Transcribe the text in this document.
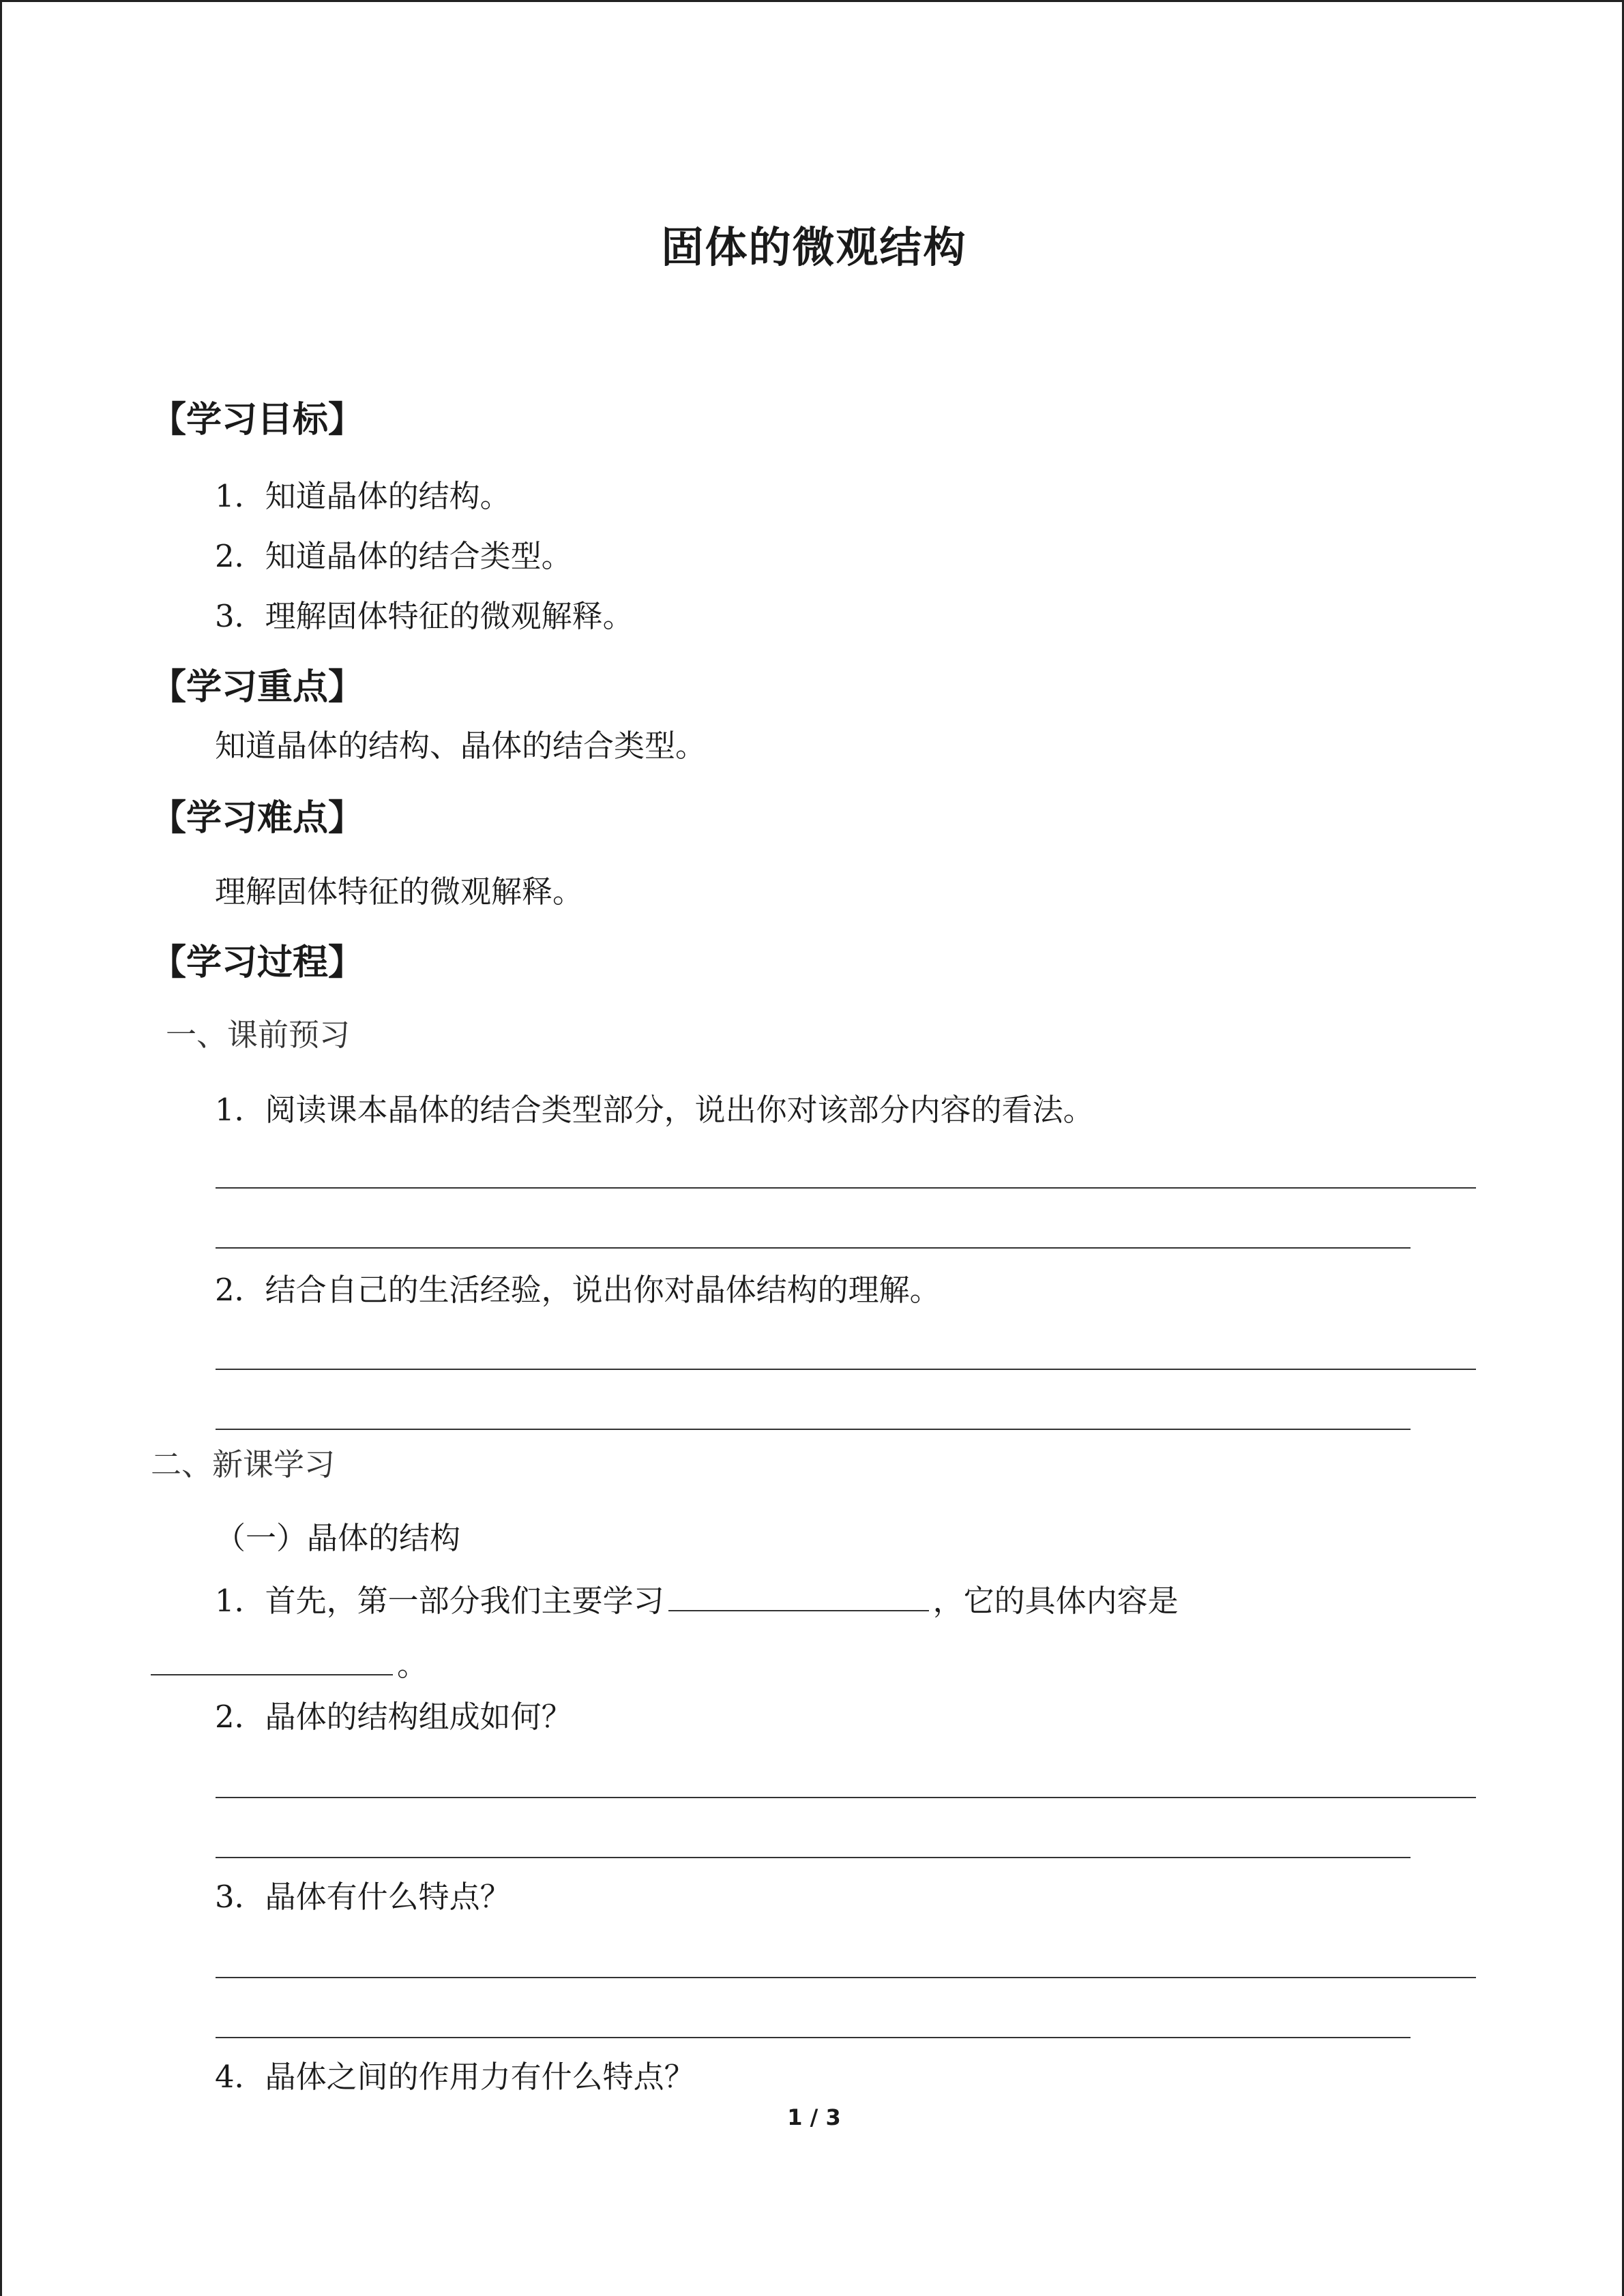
固体的微观结构
【学习目标】
1．知道晶体的结构。
2．知道晶体的结合类型。
3．理解固体特征的微观解释。
【学习重点】
知道晶体的结构、晶体的结合类型。
【学习难点】
理解固体特征的微观解释。
【学习过程】
一、课前预习
1．阅读课本晶体的结合类型部分，说出你对该部分内容的看法。
2．结合自己的生活经验，说出你对晶体结构的理解。
二、新课学习
（一）晶体的结构
1．首先，第一部分我们主要学习	，它的具体内容是
。
2．晶体的结构组成如何？
3．晶体有什么特点？
4．晶体之间的作用力有什么特点？
1 / 3
